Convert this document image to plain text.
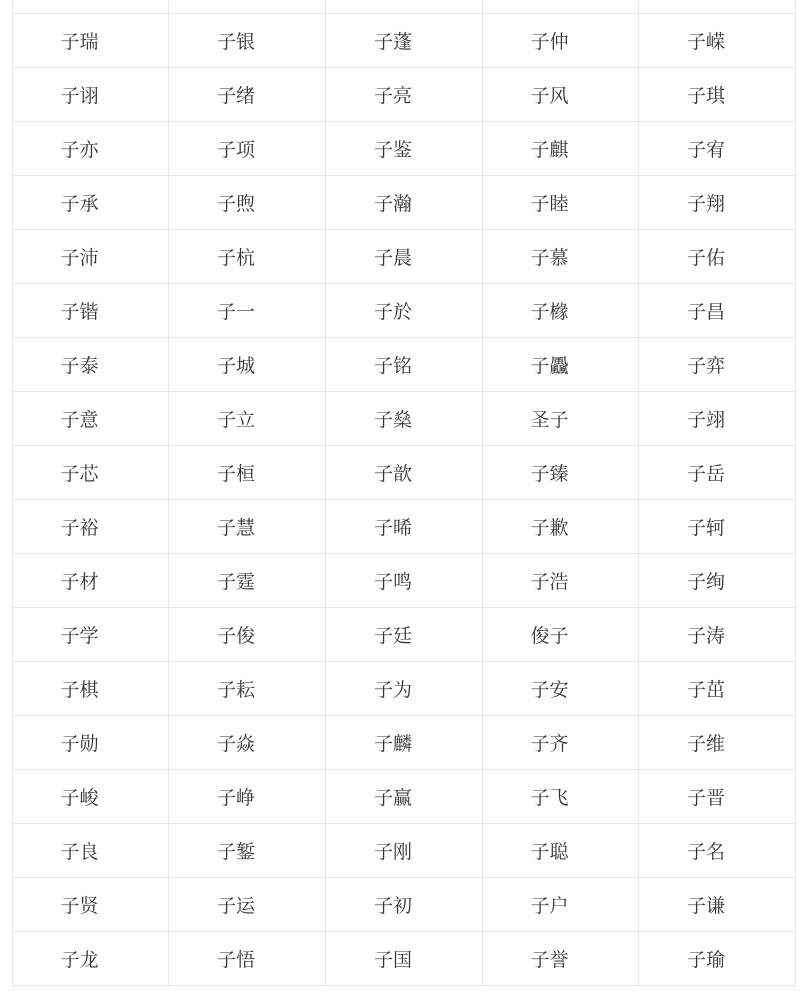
子瑞	子银	子蓬	子仲	子嵘
子诩	子绪	子亮	子风	子琪
子亦	子项	子鉴	子麒	子宥
子承	子煦	子瀚	子睦	子翔
子沛	子杭	子晨	子慕	子佑
子锴	子一	子於	子橼	子昌
子泰	子城	子铭	子飍	子弈
子意	子立	子燊	圣子	子翊
子芯	子桓	子歆	子臻	子岳
子裕	子慧	子晞	子歉	子轲
子材	子霆	子鸣	子浩	子绚
子学	子俊	子廷	俊子	子涛
子棋	子耘	子为	子安	子茁
子勋	子焱	子麟	子齐	子维
子峻	子峥	子赢	子飞	子晋
子良	子錾	子刚	子聪	子名
子贤	子运	子初	子户	子谦
子龙	子悟	子国	子誉	子瑜
